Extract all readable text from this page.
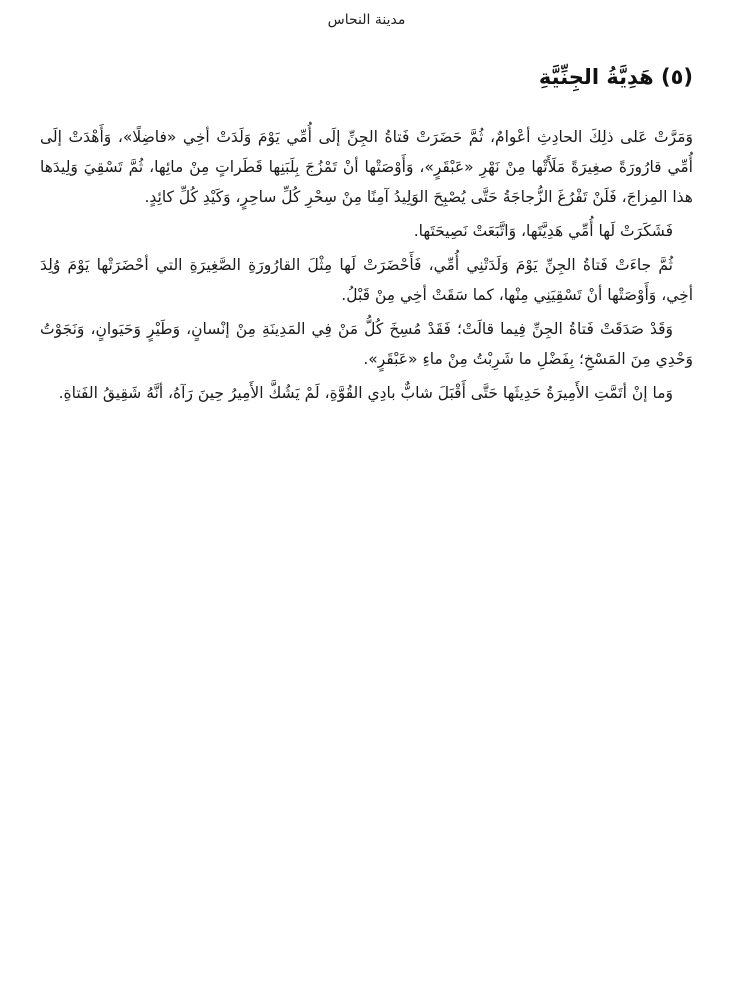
مدينة النحاس
(٥) هَدِيَّةُ الجِنِّيَّةِ

وَمَرَّتْ عَلى ذلِكَ الحادِثِ أعْوامٌ، ثُمَّ حَضَرَتْ فَتاةُ الجِنِّ إلَى أُمِّي يَوْمَ وَلَدَتْ أخِي «فاضِلًا»، وَأَهْدَتْ إلَى أُمِّي قارُورَةً صغِيرَةً مَلَأَتْها مِنْ نَهْرِ «عَبْقَرٍ»، وَأَوْصَتْها أنْ تَمْزُجَ بِلَبَنِها قَطَراتٍ مِنْ مائِها، ثُمَّ تَسْقِيَ وَلِيدَها هذا المِزاجَ، فَلَنْ تَفْرُغَ الزُّجاجَةُ حَتَّى يُصْبِحَ الوَلِيدُ آمِنًا مِنْ سِحْرِ كُلِّ ساحِرٍ، وَكَيْدِ كُلِّ كائِدٍ.

فَشَكَرَتْ لَها أُمِّي هَدِيَّتَها، وَاتَّبَعَتْ نَصِيحَتَها.

ثُمَّ جاءَتْ فَتاةُ الجِنِّ يَوْمَ وَلَدَتْنِي أُمِّي، فَأَحْضَرَتْ لَها مِثْلَ القارُورَةِ الصَّغِيرَةِ التي أحْضَرَتْها يَوْمَ وُلِدَ أخِي، وَأَوْصَتْها أنْ تَسْقِيَنِي مِنْها، كما سَقَتْ أخِي مِنْ قَبْلُ.

وَقَدْ صَدَقَتْ فَتاةُ الجِنِّ فِيما قالَتْ؛ فَقَدْ مُسِخَ كُلُّ مَنْ فِي المَدِينَةِ مِنْ إنْسانٍ، وَطَيْرٍ وَحَيَوانٍ، وَنَجَوْتُ وَحْدِي مِنَ المَسْخِ؛ بِفَضْلِ ما شَرِبْتُ مِنْ ماءِ «عَبْقَرٍ».

وَما إنْ أتَمَّتِ الأَمِيرَةُ حَدِيثَها حَتَّى أَقْبَلَ شابٌّ بادِي القُوَّةِ، لَمْ يَشُكَّ الأَمِيرُ حِينَ رَآهُ، أنَّهُ شَقِيقُ الفَتاةِ.
